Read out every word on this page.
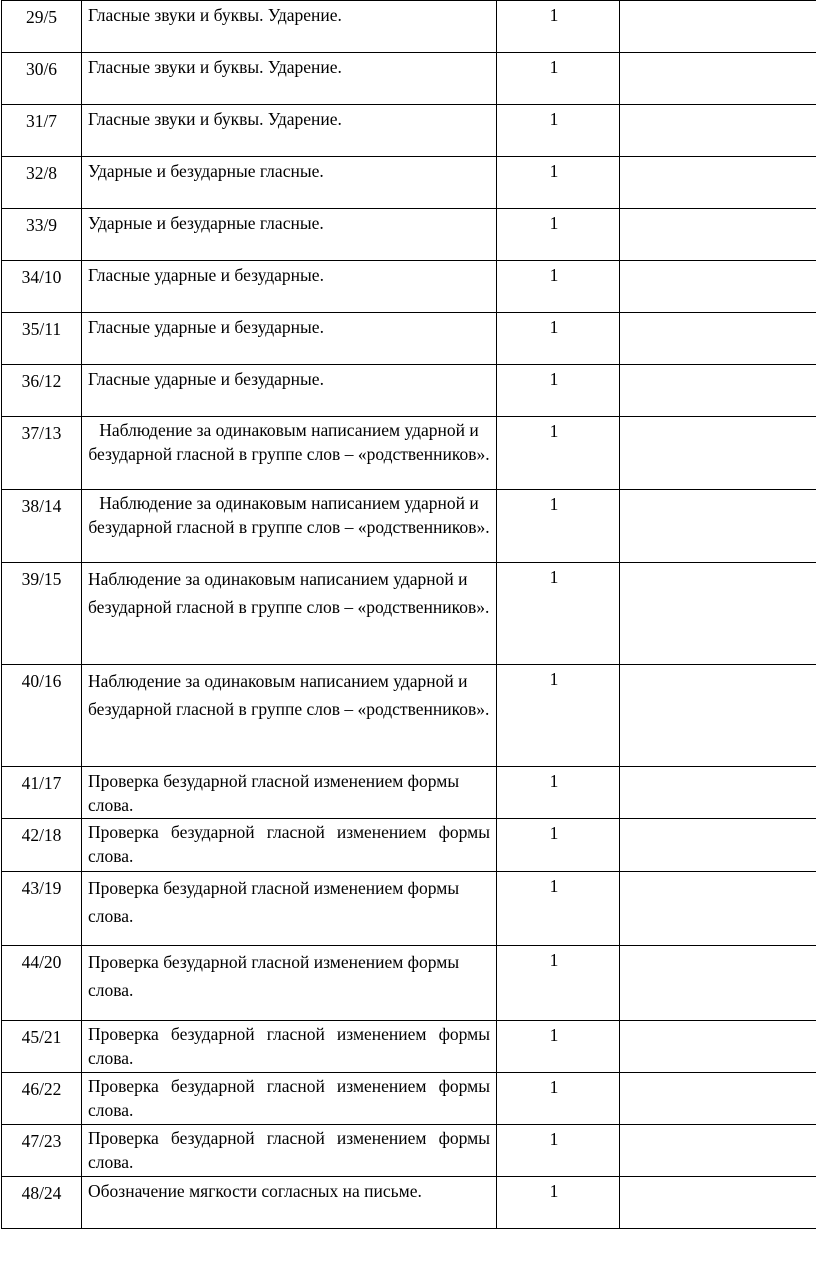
29/5	Гласные звуки и буквы. Ударение.	1	
30/6	Гласные звуки и буквы. Ударение.	1	
31/7	Гласные звуки и буквы. Ударение.	1	
32/8	Ударные и безударные гласные.	1	
33/9	Ударные и безударные гласные.	1	
34/10	Гласные ударные и безударные.	1	
35/11	Гласные ударные и безударные.	1	
36/12	Гласные ударные и безударные.	1	
37/13	Наблюдение за одинаковым написанием ударной и безударной гласной в группе слов – «родственников».	1	
38/14	Наблюдение за одинаковым написанием ударной и безударной гласной в группе слов – «родственников».	1	
39/15	Наблюдение за одинаковым написанием ударной и безударной гласной в группе слов – «родственников».	1	
40/16	Наблюдение за одинаковым написанием ударной и безударной гласной в группе слов – «родственников».	1	
41/17	Проверка безударной гласной изменением формы слова.	1	
42/18	Проверка безударной гласной изменением формы слова.	1	
43/19	Проверка безударной гласной изменением формы слова.	1	
44/20	Проверка безударной гласной изменением формы слова.	1	
45/21	Проверка безударной гласной изменением формы слова.	1	
46/22	Проверка безударной гласной изменением формы слова.	1	
47/23	Проверка безударной гласной изменением формы слова.	1	
48/24	Обозначение мягкости согласных на письме.	1	
